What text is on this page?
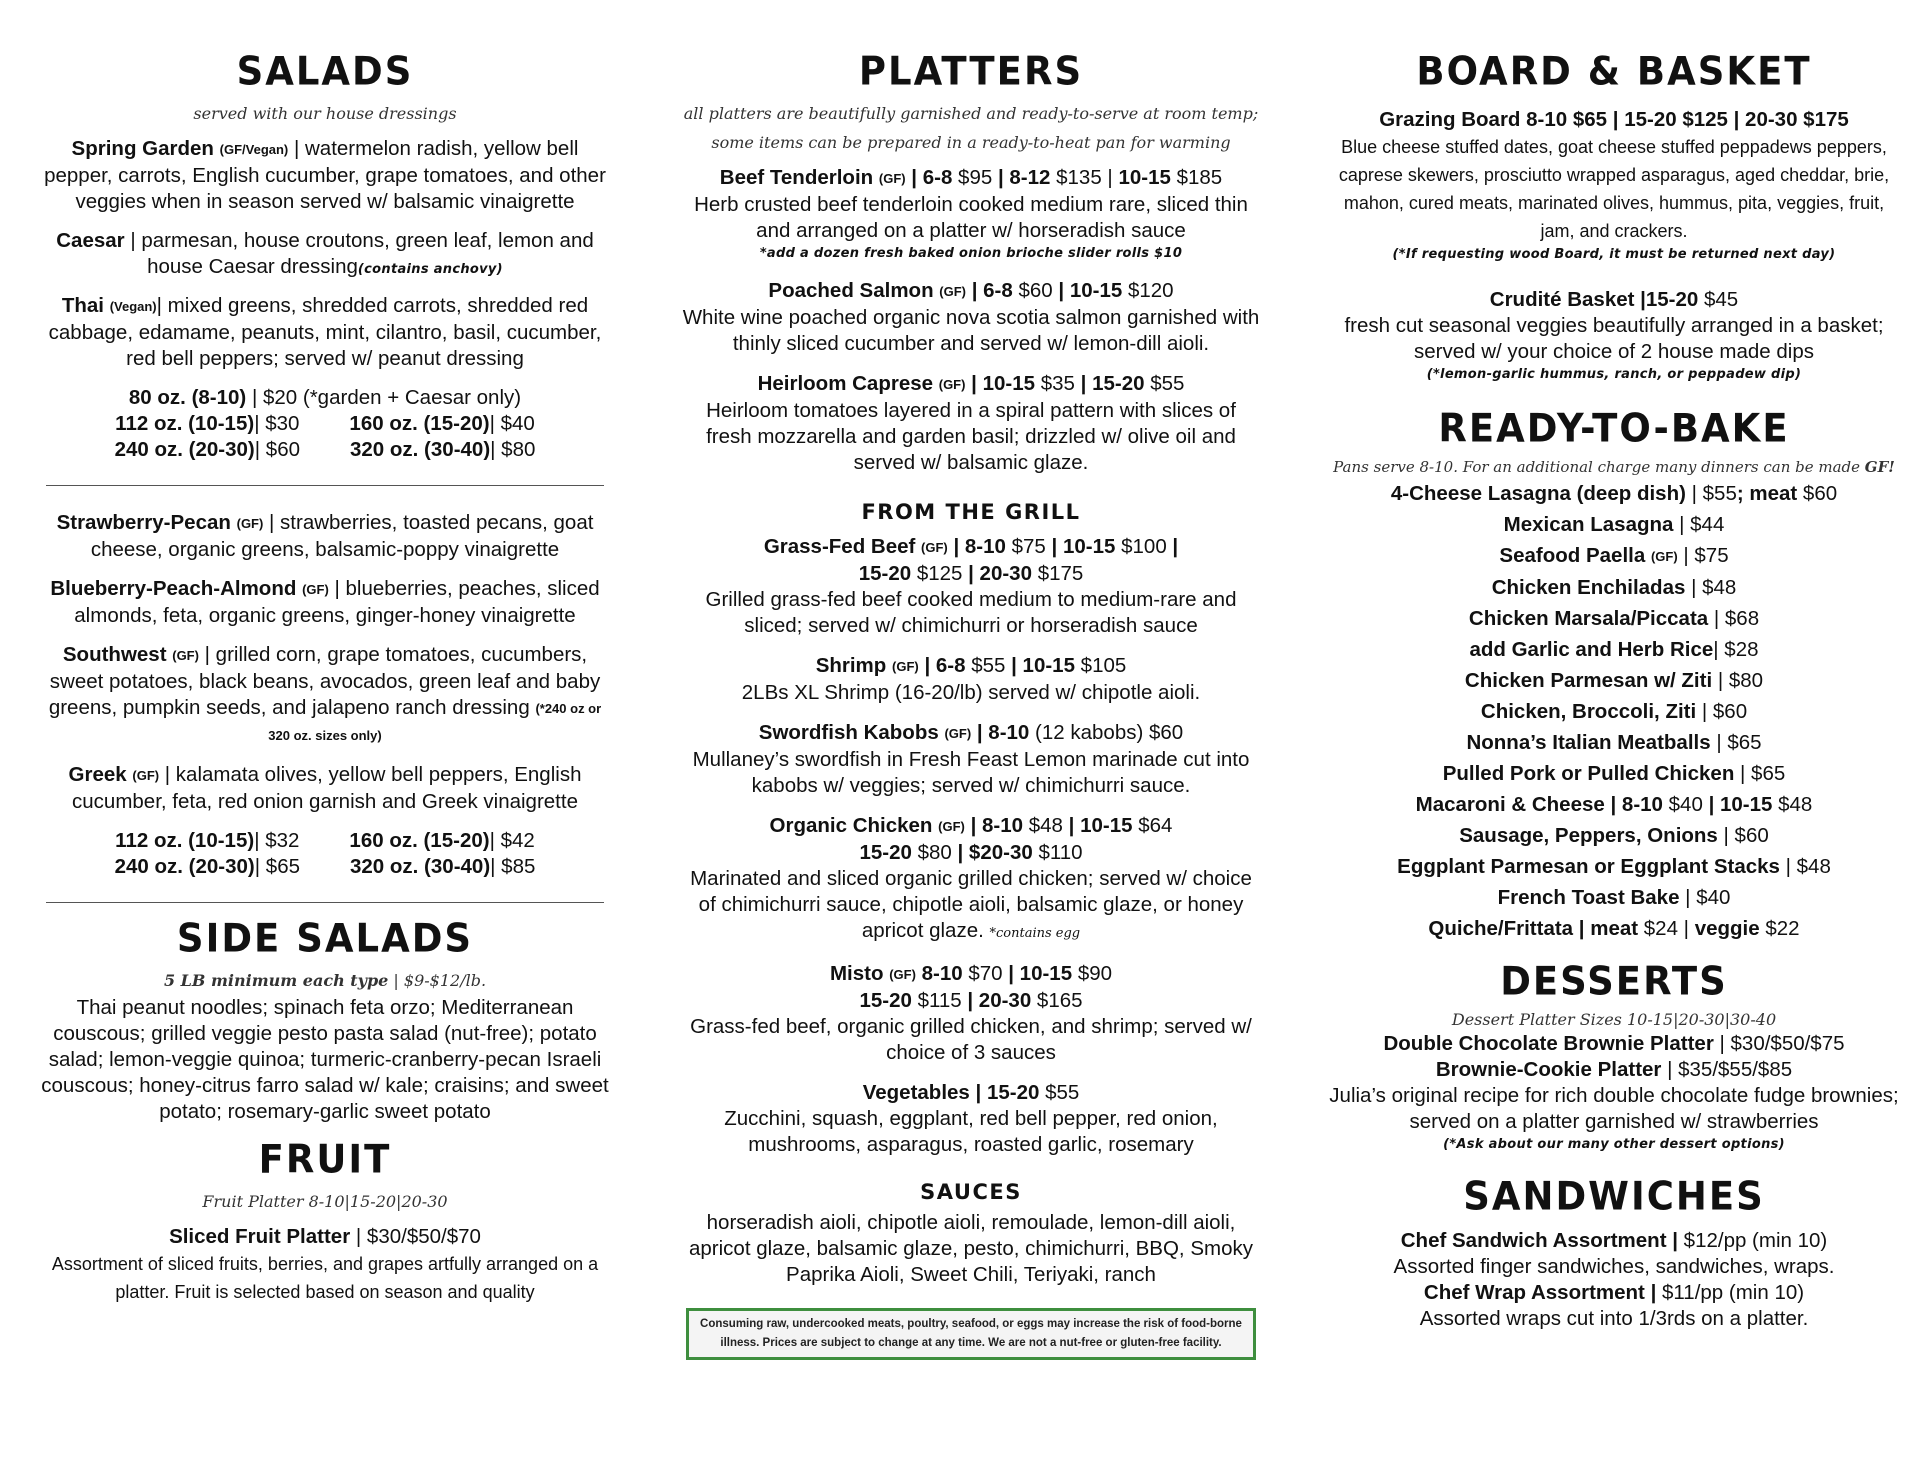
SALADS
served with our house dressings
Spring Garden (GF/Vegan) | watermelon radish, yellow bell pepper, carrots, English cucumber, grape tomatoes, and other veggies when in season served w/ balsamic vinaigrette
Caesar | parmesan, house croutons, green leaf, lemon and house Caesar dressing(contains anchovy)
Thai (Vegan)| mixed greens, shredded carrots, shredded red cabbage, edamame, peanuts, mint, cilantro, basil, cucumber, red bell peppers; served w/ peanut dressing
80 oz. (8-10) | $20 (*garden + Caesar only)
112 oz. (10-15)| $30 160 oz. (15-20)| $40
240 oz. (20-30)| $60 320 oz. (30-40)| $80
Strawberry-Pecan (GF) | strawberries, toasted pecans, goat cheese, organic greens, balsamic-poppy vinaigrette
Blueberry-Peach-Almond (GF) | blueberries, peaches, sliced almonds, feta, organic greens, ginger-honey vinaigrette
Southwest (GF) | grilled corn, grape tomatoes, cucumbers, sweet potatoes, black beans, avocados, green leaf and baby greens, pumpkin seeds, and jalapeno ranch dressing (*240 oz or 320 oz. sizes only)
Greek (GF) | kalamata olives, yellow bell peppers, English cucumber, feta, red onion garnish and Greek vinaigrette
112 oz. (10-15)| $32 160 oz. (15-20)| $42
240 oz. (20-30)| $65 320 oz. (30-40)| $85
SIDE SALADS
5 LB minimum each type | $9-$12/lb.
Thai peanut noodles; spinach feta orzo; Mediterranean couscous; grilled veggie pesto pasta salad (nut-free); potato salad; lemon-veggie quinoa; turmeric-cranberry-pecan Israeli couscous; honey-citrus farro salad w/ kale; craisins; and sweet potato; rosemary-garlic sweet potato
FRUIT
Fruit Platter 8-10|15-20|20-30
Sliced Fruit Platter | $30/$50/$70
Assortment of sliced fruits, berries, and grapes artfully arranged on a platter. Fruit is selected based on season and quality
PLATTERS
all platters are beautifully garnished and ready-to-serve at room temp; some items can be prepared in a ready-to-heat pan for warming
Beef Tenderloin (GF) | 6-8 $95 | 8-12 $135 | 10-15 $185
Herb crusted beef tenderloin cooked medium rare, sliced thin and arranged on a platter w/ horseradish sauce
*add a dozen fresh baked onion brioche slider rolls $10
Poached Salmon (GF) | 6-8 $60 | 10-15 $120
White wine poached organic nova scotia salmon garnished with thinly sliced cucumber and served w/ lemon-dill aioli.
Heirloom Caprese (GF) | 10-15 $35 | 15-20 $55
Heirloom tomatoes layered in a spiral pattern with slices of fresh mozzarella and garden basil; drizzled w/ olive oil and served w/ balsamic glaze.
FROM THE GRILL
Grass-Fed Beef (GF) | 8-10 $75 | 10-15 $100 |
15-20 $125 | 20-30 $175
Grilled grass-fed beef cooked medium to medium-rare and sliced; served w/ chimichurri or horseradish sauce
Shrimp (GF) | 6-8 $55 | 10-15 $105
2LBs XL Shrimp (16-20/lb) served w/ chipotle aioli.
Swordfish Kabobs (GF) | 8-10 (12 kabobs) $60
Mullaney’s swordfish in Fresh Feast Lemon marinade cut into kabobs w/ veggies; served w/ chimichurri sauce.
Organic Chicken (GF) | 8-10 $48 | 10-15 $64
15-20 $80 | $20-30 $110
Marinated and sliced organic grilled chicken; served w/ choice of chimichurri sauce, chipotle aioli, balsamic glaze, or honey apricot glaze. *contains egg
Misto (GF) 8-10 $70 | 10-15 $90
15-20 $115 | 20-30 $165
Grass-fed beef, organic grilled chicken, and shrimp; served w/ choice of 3 sauces
Vegetables | 15-20 $55
Zucchini, squash, eggplant, red bell pepper, red onion, mushrooms, asparagus, roasted garlic, rosemary
SAUCES
horseradish aioli, chipotle aioli, remoulade, lemon-dill aioli, apricot glaze, balsamic glaze, pesto, chimichurri, BBQ, Smoky Paprika Aioli, Sweet Chili, Teriyaki, ranch
Consuming raw, undercooked meats, poultry, seafood, or eggs may increase the risk of food-borne illness. Prices are subject to change at any time. We are not a nut-free or gluten-free facility.
BOARD & BASKET
Grazing Board 8-10 $65 | 15-20 $125 | 20-30 $175
Blue cheese stuffed dates, goat cheese stuffed peppadews peppers, caprese skewers, prosciutto wrapped asparagus, aged cheddar, brie, mahon, cured meats, marinated olives, hummus, pita, veggies, fruit, jam, and crackers.
(*If requesting wood Board, it must be returned next day)
Crudité Basket |15-20 $45
fresh cut seasonal veggies beautifully arranged in a basket; served w/ your choice of 2 house made dips
(*lemon-garlic hummus, ranch, or peppadew dip)
READY-TO-BAKE
Pans serve 8-10. For an additional charge many dinners can be made GF!
4-Cheese Lasagna (deep dish) | $55; meat $60
Mexican Lasagna | $44
Seafood Paella (GF) | $75
Chicken Enchiladas | $48
Chicken Marsala/Piccata | $68
add Garlic and Herb Rice| $28
Chicken Parmesan w/ Ziti | $80
Chicken, Broccoli, Ziti | $60
Nonna’s Italian Meatballs | $65
Pulled Pork or Pulled Chicken | $65
Macaroni & Cheese | 8-10 $40 | 10-15 $48
Sausage, Peppers, Onions | $60
Eggplant Parmesan or Eggplant Stacks | $48
French Toast Bake | $40
Quiche/Frittata | meat $24 | veggie $22
DESSERTS
Dessert Platter Sizes 10-15|20-30|30-40
Double Chocolate Brownie Platter | $30/$50/$75
Brownie-Cookie Platter | $35/$55/$85
Julia’s original recipe for rich double chocolate fudge brownies; served on a platter garnished w/ strawberries
(*Ask about our many other dessert options)
SANDWICHES
Chef Sandwich Assortment | $12/pp (min 10)
Assorted finger sandwiches, sandwiches, wraps.
Chef Wrap Assortment | $11/pp (min 10)
Assorted wraps cut into 1/3rds on a platter.
